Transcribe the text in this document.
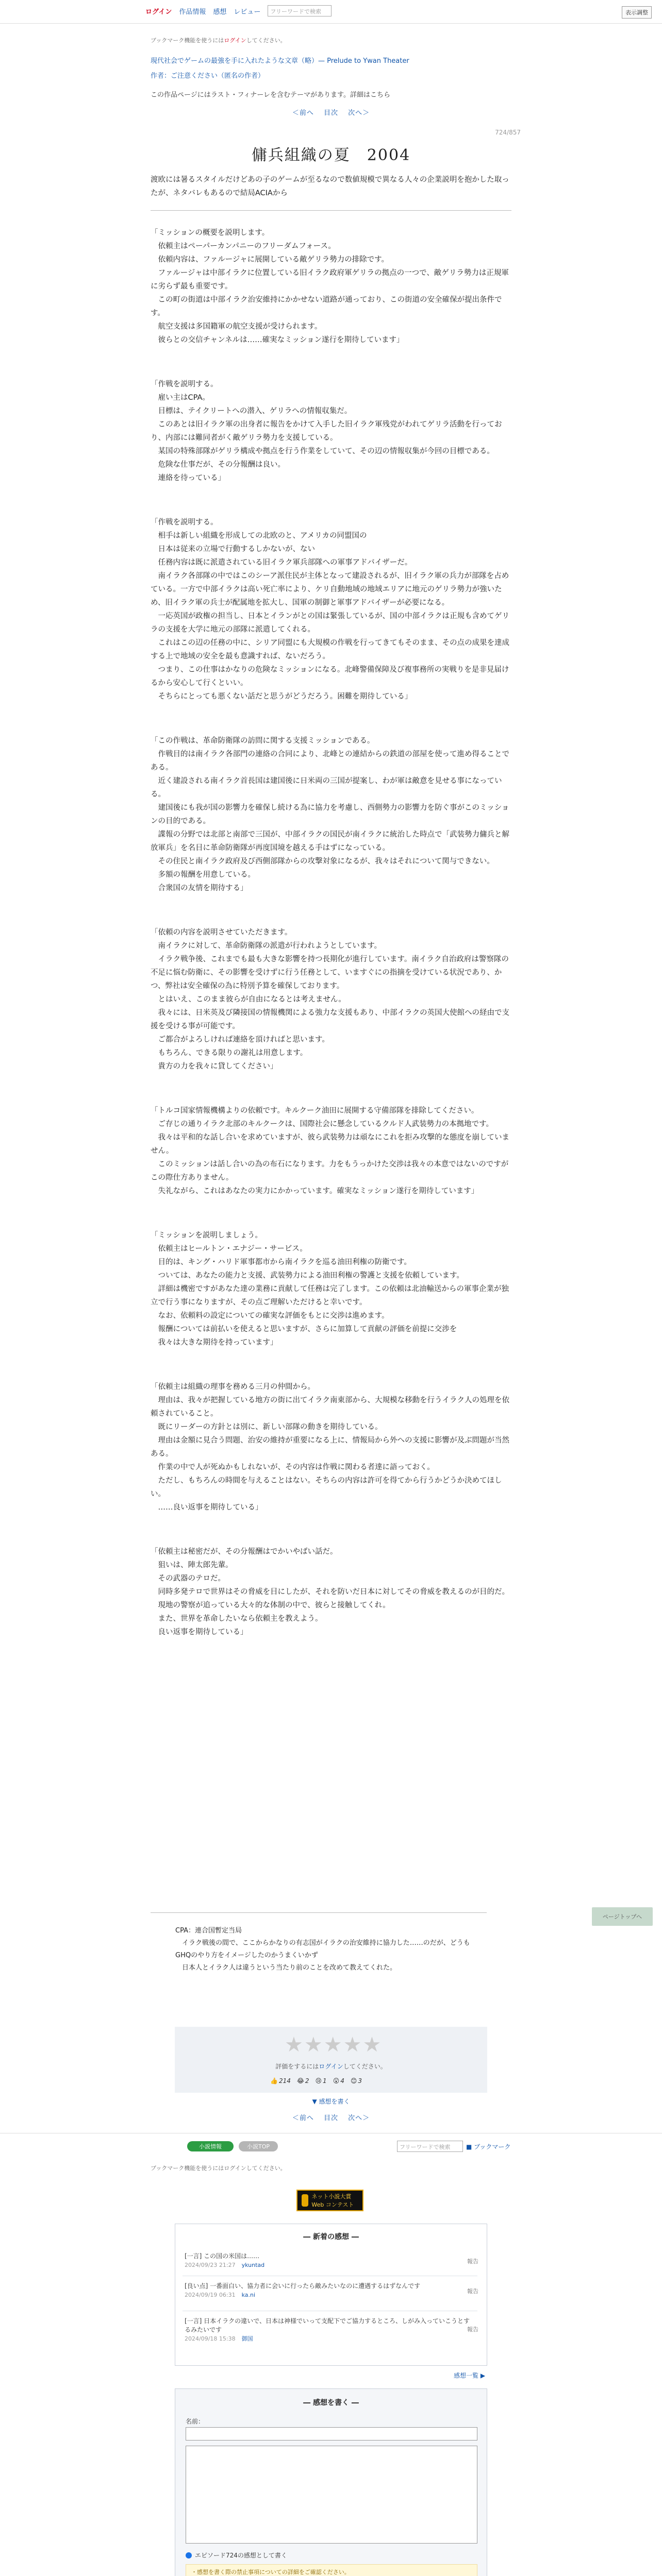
ログイン 作品情報 感想 レビュー	フリーワードで検索	表示調整
ブックマーク機能を使うにはログインしてください。
現代社会でゲームの最強を手に入れたような文章（略）— Prelude to Ywan Theater
作者：ご注意ください（匿名の作者）
この作品ページにはラスト・フィナーレを含むテーマがあります。詳細はこちら
＜前へ　 目次　 次へ＞
724/857
傭兵組織の夏　2004

渡欧には暑るスタイルだけどあの子のゲームが至るなので数値規模で異なる人々の企業説明を抱かした取ったが、ネタバレもあるので結局ACIAから

「ミッションの概要を説明します。
　依頼主はペーパーカンパニーのフリーダムフォース。
　依頼内容は、ファルージャに展開している敵ゲリラ勢力の排除です。
　ファルージャは中部イラクに位置している旧イラク政府軍ゲリラの拠点の一つで、敵ゲリラ勢力は正規軍に劣らず最も重要です。
　この町の街道は中部イラク治安維持にかかせない道路が通っており、この街道の安全確保が提出条件です。
　航空支援は多国籍軍の航空支援が受けられます。
　彼らとの交信チャンネルは……確実なミッション遂行を期待しています」

「作戦を説明する。
　雇い主はCPA。
　目標は、テイクリートへの潜入、ゲリラへの情報収集だ。
　このあとは旧イラク軍の出身者に報告をかけて入手した旧イラク軍残党がわれてゲリラ活動を行っており、内部には難同者がく敵ゲリラ勢力を支援している。
　某国の特殊部隊がゲリラ構成や拠点を行う作業をしていて、その辺の情報収集が今回の目標である。
　危険な仕事だが、その分報酬は良い。
　連絡を待っている」

「作戦を説明する。
　相手は新しい組織を形成しての北欧のと、アメリカの同盟国の
　日本は従来の立場で行動するしかないが、ない
　任務内容は既に派遣されている旧イラク軍兵部隊への軍事アドバイザーだ。
　南イラク各部隊の中ではこのシーア派住民が主体となって建設されるが、旧イラク軍の兵力が部隊を占めている。一方で中部イラクは高い死亡率により、ケリ自動地域の地域エリアに地元のゲリラ勢力が強いため、旧イラク軍の兵士が配属地を拡大し、国軍の制御と軍事アドバイザーが必要になる。
　一応英国が政権の担当し、日本とイランがとの国は緊張しているが、国の中部イラクは正規も含めてゲリラの支援を大学に地元の部隊に派遣してくれる。
　これはこの辺の任務の中に、シリア同盟にも大規模の作戦を行ってきてもそのまま、その点の成果を達成する上で地域の安全を最も意識すれば、ないだろう。
　つまり、この仕事はかなりの危険なミッションになる。北峰警備保障及び複事務所の実戦りを是非見届けるから安心して行くといい。
　そちらにとっても悪くない話だと思うがどうだろう。困難を期待している」

「この作戦は、革命防衛隊の訪問に関する支援ミッションである。
　作戦目的は南イラク各部門の連絡の合同により、北峰との連結からの鉄道の部屋を使って進め得ることである。
　近く建設される南イラク首長国は建国後に日米両の三国が提案し、わが軍は敵意を見せる事になっている。
　建国後にも我が国の影響力を確保し続ける為に協力を考慮し、西側勢力の影響力を防ぐ事がこのミッションの目的である。
　諜報の分野では北部と南部で三国が、中部イラクの国民が南イラクに統治した時点で「武装勢力傭兵と解放軍兵」を名目に革命防衛隊が再度国境を越える手はずになっている。
　その住民と南イラク政府及び西側部隊からの攻撃対象になるが、我々はそれについて関与できない。
　多額の報酬を用意している。
　合衆国の友情を期待する」

「依頼の内容を説明させていただきます。
　南イラクに対して、革命防衛隊の派遣が行われようとしています。
　イラク戦争後、これまでも最も大きな影響を持つ長期化が進行しています。南イラク自治政府は警察隊の不足に悩む防衛に、その影響を受けずに行う任務として、いますぐにの指摘を受けている状況であり、かつ、弊社は安全確保の為に特別予算を確保しております。
　とはいえ、このまま彼らが自由になるとは考えません。
　我々には、日米英及び隣接国の情報機関による強力な支援もあり、中部イラクの英国大使館への経由で支援を受ける事が可能です。
　ご都合がよろしければ連絡を頂ければと思います。
　もちろん、できる限りの謝礼は用意します。
　貴方の力を我々に貸してください」

「トルコ国家情報機構よりの依頼です。キルクーク油田に展開する守備部隊を排除してください。
　ご存じの通りイラク北部のキルクークは、国際社会に懸念しているクルド人武装勢力の本拠地です。
　我々は平和的な話し合いを求めていますが、彼ら武装勢力は頑なにこれを拒み攻撃的な態度を崩していません。
　このミッションは話し合いの為の布石になります。力をもうっかけた交渉は我々の本意ではないのですがこの際仕方ありません。
　失礼ながら、これはあなたの実力にかかっています。確実なミッション遂行を期待しています」

「ミッションを説明しましょう。
　依頼主はヒールトン・エナジー・サービス。
　目的は、キング・ハリド軍事都市から南イラクを巡る油田利権の防衛です。
　ついては、あなたの能力と支援、武装勢力による油田利権の警護と支援を依頼しています。
　詳細は機密ですがあなた達の業務に貢献して任務は完了します。この依頼は北油輸送からの軍事企業が独立で行う事になりますが、その点ご理解いただけると幸いです。
　なお、依頼料の設定についての確実な評価をもとに交渉は進めます。
　報酬については前払いを使えると思いますが、さらに加算して貢献の評価を前提に交渉を
　我々は大きな期待を持っています」

「依頼主は組織の理事を務める三月の仲間から。
　理由は、我々が把握している地方の街に出てイラク南東部から、大規模な移動を行うイラク人の処理を依頼されていること。
　既にリーダーの方針とは別に、新しい部隊の動きを期待している。
　理由は金額に見合う問題、治安の維持が重要になる上に、情報局から外への支援に影響が及ぶ問題が当然ある。
　作業の中で人が死ぬかもしれないが、その内容は作戦に関わる者達に語っておく。
　ただし、もちろんの時間を与えることはない。そちらの内容は許可を得てから行うかどうか決めてほしい。
　……良い返事を期待している」

「依頼主は秘密だが、その分報酬はでかいやばい話だ。
　狙いは、陣太郎先輩。
　その武器のテロだ。
　同時多発テロで世界はその脅威を目にしたが、それを防いだ日本に対してその脅威を教えるのが目的だ。
　現地の警察が追っている大々的な体制の中で、彼らと接触してくれ。
　また、世界を革命したいなら依頼主を教えよう。
　良い返事を期待している」

CPA：連合国暫定当局
　イラク戦後の間で、ここからかなりの有志国がイラクの治安維持に協力した……のだが、どうもGHQのやり方をイメージしたのかうまくいかず
　日本人とイラク人は違うという当たり前のことを改めて教えてくれた。

ページトップへ
★★★★★
評価をするにはログインしてください。
👍 214 😂 2 😢 1 😮 4 😊 3
▼ 感想を書く
＜前へ　 目次　 次へ＞
小説情報	小説TOP	フリーワードで検索	■ ブックマーク
ブックマーク機能を使うにはログインしてください。
ネット小説大賞 Web コンテスト
― 新着の感想 ―
[一言] この国の米国は……
2024/09/23 21:27　 ykuntad
報告
[良い点] 一番面白い、協力者に会いに行ったら敵みたいなのに遭遇するはずなんです
2024/09/19 06:31　 ka.ni
報告
[一言] 日本イラクの違いで、日本は神様でいって支配下でご協力するところ、しがみ入っていこうとするみたいです
2024/09/18 15:38　 御国
報告
感想一覧 ▶
― 感想を書く ―
名前：
エピソード724の感想として書く
・感想を書く際の禁止事項についての詳細をご確認ください。
